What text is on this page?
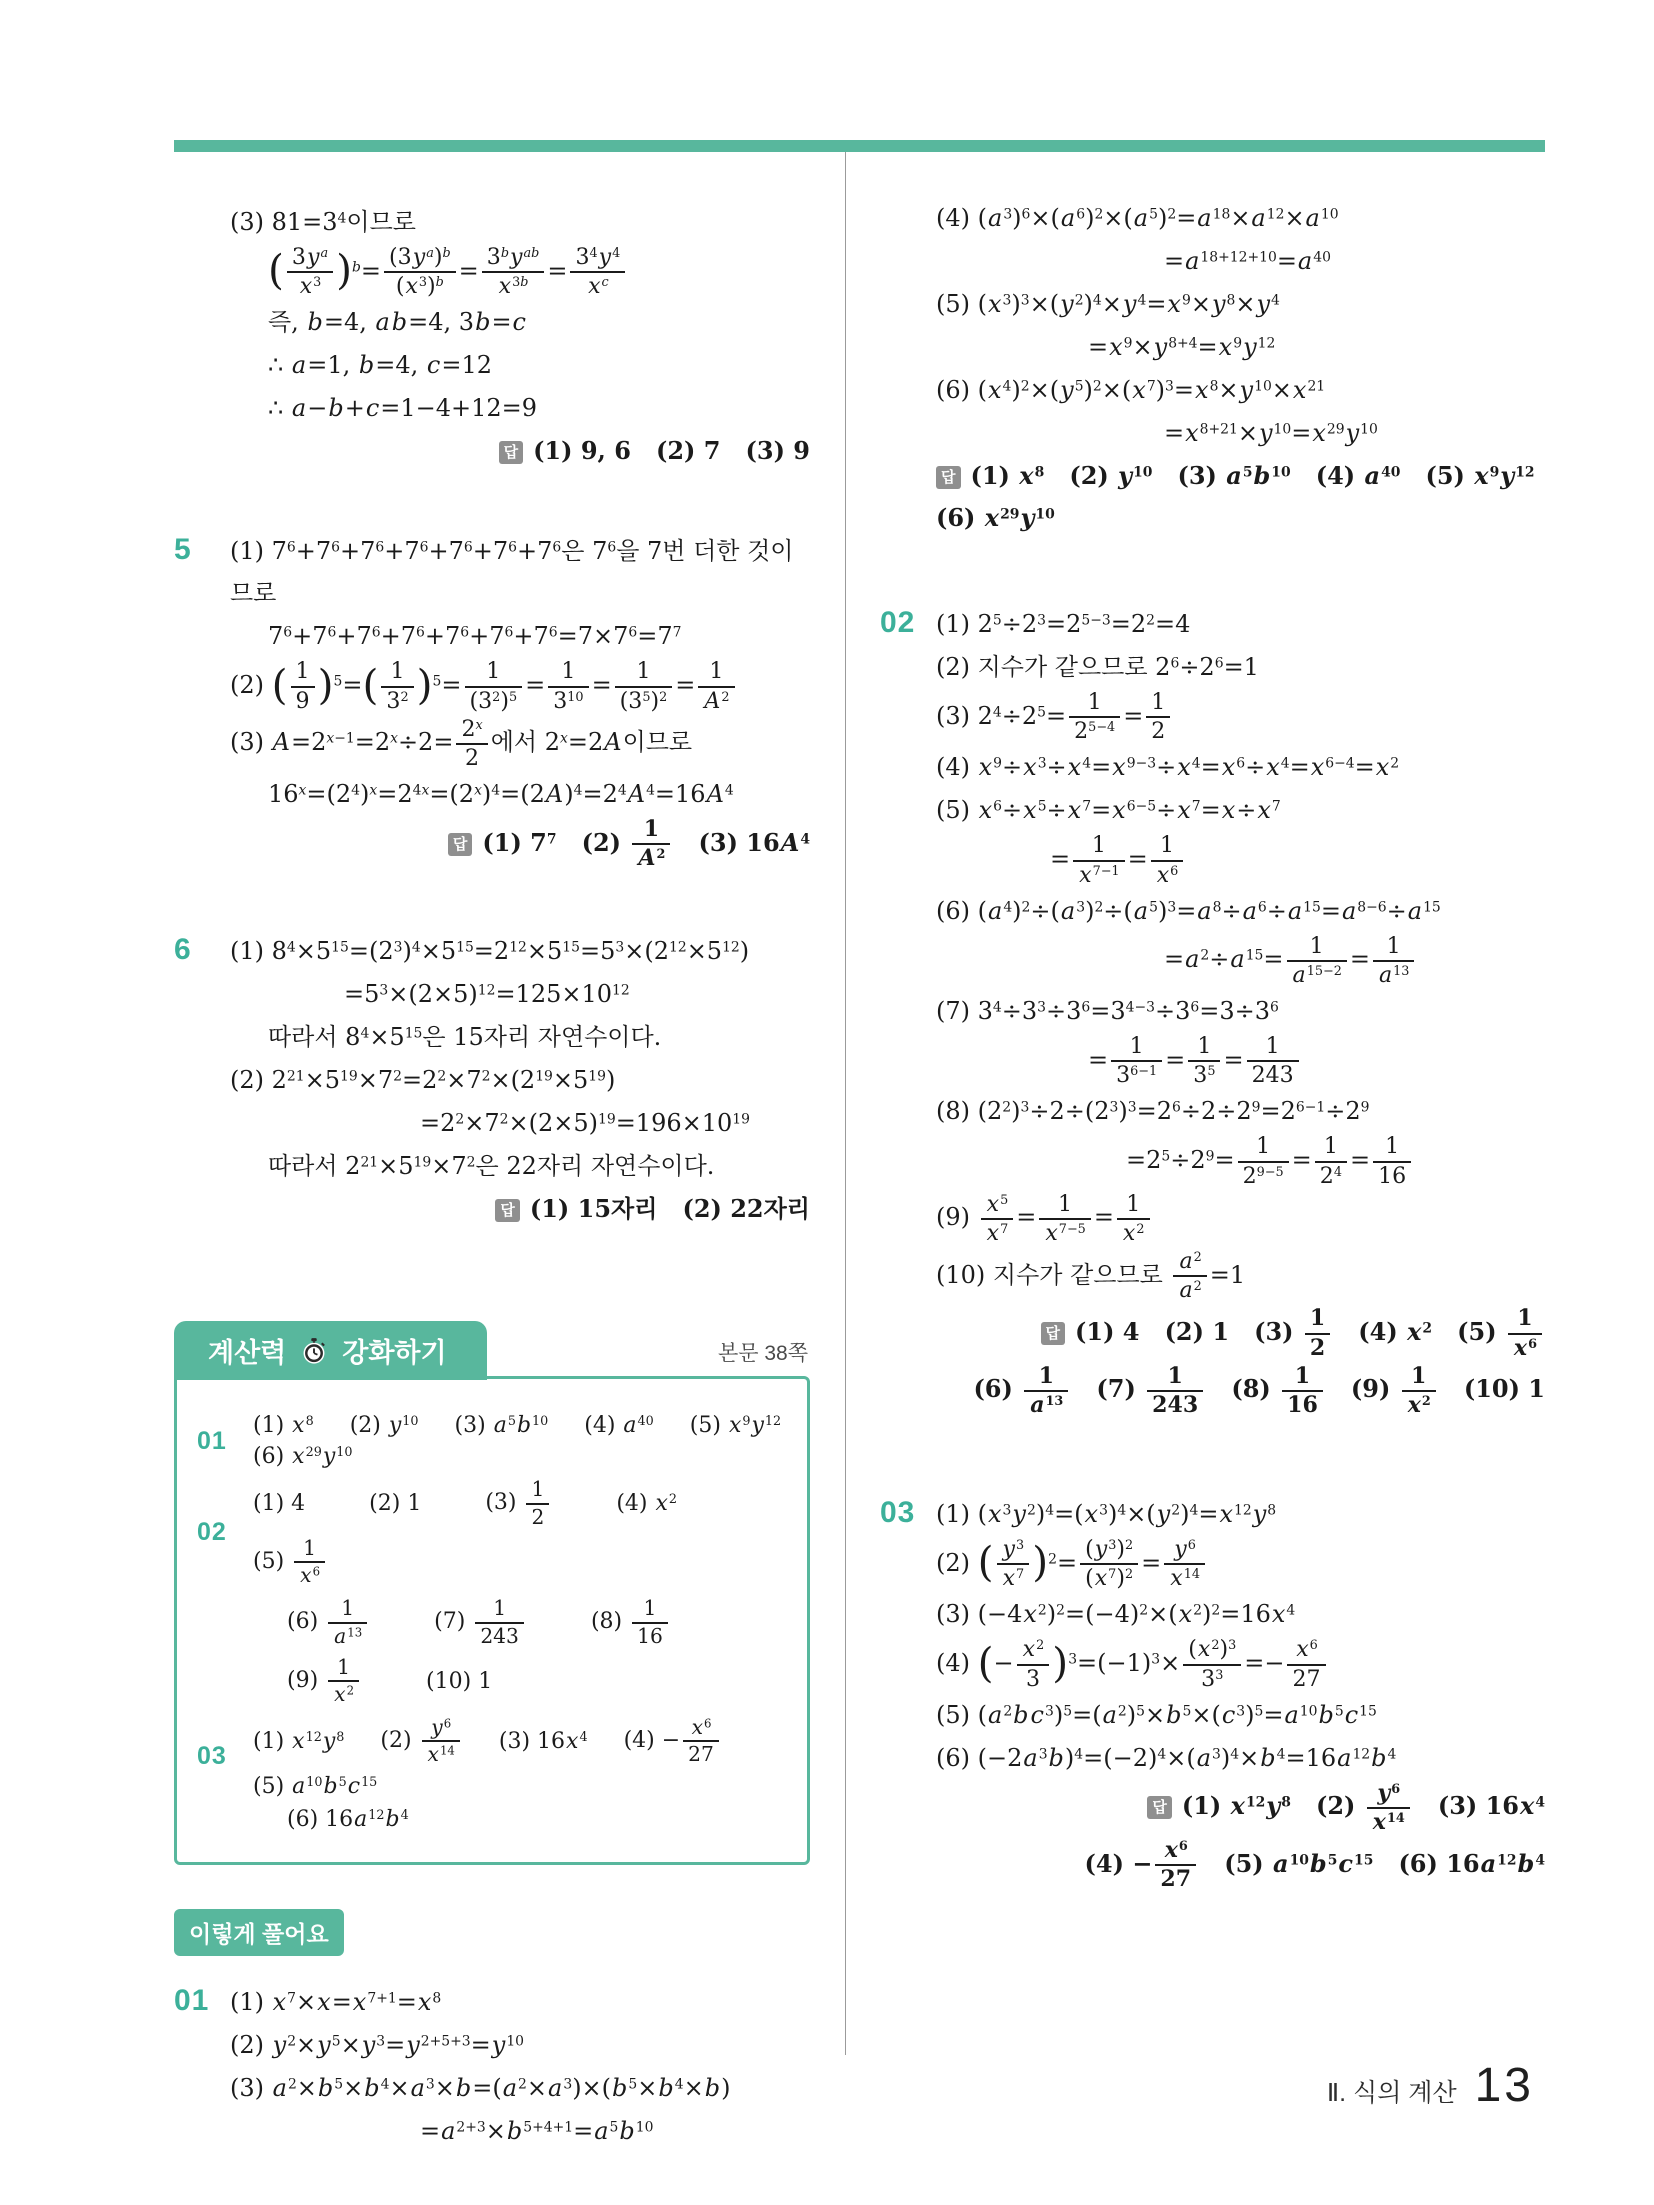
(3) $81=3^4$이므로
( $\frac{3y^a}{x^3} )^b= \frac{(3y^a)^b}{(x^3)^b} = \frac{3^by^{ab}}{x^{3b}} = \frac{3^4y^4}{x^c}$
즉, b=4, ab=4, 3b=c
∴ a=1, b=4, c=12
∴ a−b+c=1−4+12=9
답 (1) 9, 6   (2) 7   (3) 9
5	(1) $7^6+7^6+7^6+7^6+7^6+7^6+7^6$은 $7^6$을 7번 더한 것이므로
$7^6+7^6+7^6+7^6+7^6+7^6+7^6=7\times 7^6=7^7$
(2) ( $\frac{1}{9} )^5=( \frac{1}{3^2} )^5= \frac{1}{(3^2)^5} = \frac{1}{3^{10}} = \frac{1}{(3^5)^2} = \frac{1}{A^2}$
(3) $A=2^{x-1}=2^x\div 2= \frac{2^x}{2}$ 에서 $2^x=2A$이므로
$16^x=(2^4)^x=2^{4x}=(2^x)^4=(2A)^4=2^4A^4=16A^4$
답 (1) $7^7$   $(2) \frac{1}{A^2} (3)$ $16A^4$
6	(1) $8^4\times 5^{15}=(2^3)^4\times 5^{15}=2^{12}\times 5^{15}=5^3\times(2^{12}\times 5^{12})$
$=5^3\times(2\times 5)^{12}=125\times 10^{12}$
따라서 $8^4\times 5^{15}$은 15자리 자연수이다.
(2) $2^{21}\times 5^{19}\times 7^2=2^2\times 7^2\times(2^{19}\times 5^{19})$
$=2^2\times 7^2\times(2\times 5)^{19}=196\times 10^{19}$
따라서 $2^{21}\times 5^{19}\times 7^2$은 22자리 자연수이다.
답 (1) 15자리   (2) 22자리
계산력 강화하기	본문 38쪽
01
(1) $x^8$ (2) $y^{10}$ (3) $a^5b^{10}$ (4) $a^{40}$ (5) $x^9y^{12}$
(6) $x^{29}y^{10}$
02
(1) 4	(2) 1	$(3) \frac{1}{2}$	(4) $x^2$
$(5) \frac{1}{x^6}$
$(6) \frac{1}{a^{13}}$	$(7) \frac{1}{243}$	$(8) \frac{1}{16}$
$(9) \frac{1}{x^2}$	(10) 1
03
(1) $x^{12}y^8$ $(2) \frac{y^6}{x^{14}} (3)$ $16x^4$ $(4) - \frac{x^6}{27}$
(5) $a^{10}b^5c^{15}$
(6) $16a^{12}b^4$
이렇게 풀어요
01 (1) $x^7\times x=x^{7+1}=x^8$
(2) $y^2\times y^5\times y^3=y^{2+5+3}=y^{10}$
(3) $a^2\times b^5\times b^4\times a^3\times b=(a^2\times a^3)\times(b^5\times b^4\times b)$
$=a^{2+3}\times b^{5+4+1}=a^5b^{10}$
(4) $(a^3)^6\times(a^6)^2\times(a^5)^2=a^{18}\times a^{12}\times a^{10}$
$=a^{18+12+10}=a^{40}$
(5) $(x^3)^3\times(y^2)^4\times y^4=x^9\times y^8\times y^4$
$=x^9\times y^{8+4}=x^9y^{12}$
(6) $(x^4)^2\times(y^5)^2\times(x^7)^3=x^8\times y^{10}\times x^{21}$
$=x^{8+21}\times y^{10}=x^{29}y^{10}$
답 (1) $x^8$   (2) $y^{10}$   (3) $a^5b^{10}$   (4) $a^{40}$   (5) $x^9y^{12}$   (6) $x^{29}y^{10}$
02 (1) $2^5\div 2^3=2^{5-3}=2^2=4$
(2) 지수가 같으므로 $2^6\div 2^6=1$
(3) $2^4\div 2^5= \frac{1}{2^{5-4}} = \frac{1}{2}$
(4) $x^9\div x^3\div x^4=x^{9-3}\div x^4=x^6\div x^4=x^{6-4}=x^2$
(5) $x^6\div x^5\div x^7=x^{6-5}\div x^7=x\div x^7$
= $\frac{1}{x^{7-1}} = \frac{1}{x^6}$
(6) $(a^4)^2\div(a^3)^2\div(a^5)^3=a^8\div a^6\div a^{15}=a^{8-6}\div a^{15}$
$=a^2\div a^{15}= \frac{1}{a^{15-2}} = \frac{1}{a^{13}}$
(7) $3^4\div 3^3\div 3^6=3^{4-3}\div 3^6=3\div 3^6$
= $\frac{1}{3^{6-1}} = \frac{1}{3^5} = \frac{1}{243}$
(8) $(2^2)^3\div 2\div(2^3)^3=2^6\div 2\div 2^9=2^{6-1}\div 2^9$
$=2^5\div 2^9= \frac{1}{2^{9-5}} = \frac{1}{2^4} = \frac{1}{16}$
$(9) \frac{x^5}{x^7} = \frac{1}{x^{7-5}} = \frac{1}{x^2}$
(10) 지수가 같으므로 $\frac{a^2}{a^2} =1$
답 (1) 4   (2) 1   $(3) \frac{1}{2} (4)$ $x^2$   $(5) \frac{1}{x^6}$
$(6) \frac{1}{a^{13}} (7) \frac{1}{243} (8) \frac{1}{16} (9) \frac{1}{x^2} (10)$ 1
03 (1) $(x^3y^2)^4=(x^3)^4\times(y^2)^4=x^{12}y^8$
(2) ( $\frac{y^3}{x^7} )^2= \frac{(y^3)^2}{(x^7)^2} = \frac{y^6}{x^{14}}$
(3) $(-4x^2)^2=(-4)^2\times(x^2)^2=16x^4$
(4) (− $\frac{x^2}{3} )^3=(-1)^3\times \frac{(x^2)^3}{3^3} =- \frac{x^6}{27}$
(5) $(a^2bc^3)^5=(a^2)^5\times b^5\times(c^3)^5=a^{10}b^5c^{15}$
(6) $(-2a^3b)^4=(-2)^4\times(a^3)^4\times b^4=16a^{12}b^4$
답 (1) $x^{12}y^8$   $(2) \frac{y^6}{x^{14}} (3)$ $16x^4$
$(4) - \frac{x^6}{27} (5)$ $a^{10}b^5c^{15}$   (6) $16a^{12}b^4$
Ⅱ. 식의 계산 13
